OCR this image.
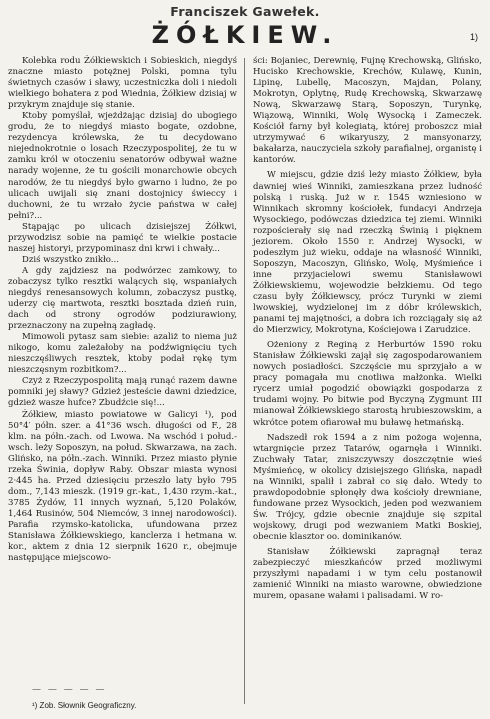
Franciszek Gawełek.
ŻÓŁKIEW.	1)

Kolebka rodu Żółkiewskich i Sobieskich, niegdyś znaczne miasto potężnej Polski, pomna tylu świetnych czasów i sławy, uczestniczka doli i niedoli wielkiego bohatera z pod Wiednia, Żółkiew dzisiaj w przykrym znajduje się stanie.

Ktoby pomyślał, wjeżdżając dzisiaj do ubogiego grodu, że to niegdyś miasto bogate, ozdobne, rezydencya królewska, że tu decydowano niejednokrotnie o losach Rzeczypospolitej, że tu w zamku król w otoczeniu senatorów odbywał ważne narady wojenne, że tu gościli monarchowie obcych narodów, że tu niegdyś było gwarno i ludno, że po ulicach uwijali się znani dostojnicy świeccy i duchowni, że tu wrzało życie państwa w całej pełni?...

Stąpając po ulicach dzisiejszej Żółkwi, przywodzisz sobie na pamięć te wielkie postacie naszej historyi, przypominasz dni krwi i chwały...

Dziś wszystko znikło...

A gdy zajdziesz na podwórzec zamkowy, to zobaczysz tylko resztki walących się, wspaniałych niegdyś renesansowych kolumn, zobaczysz pustkę, uderzy cię martwota, resztki bosztada dzień ruin, dach od strony ogrodów podziurawiony, przeznaczony na zupełną zagładę.

Mimowoli pytasz sam siebie: azaliż to niema już nikogo, komu zależałoby na podźwignięciu tych nieszczęśliwych resztek, ktoby podał rękę tym nieszczęsnym rozbitkom?...

Czyż z Rzeczypospolitą mają runąć razem dawne pomniki jej sławy? Gdzież jesteście dawni dziedzice, gdzież wasze hufce? Zbudźcie się!...

Żółkiew, miasto powiatowe w Galicyi ¹), pod 50°4′ półn. szer. a 41°36 wsch. długości od F., 28 klm. na półn.-zach. od Lwowa. Na wschód i połud.-wsch. leży Soposzyn, na połud. Skwarzawa, na zach. Glińsko, na półn.-zach. Winniki. Przez miasto płynie rzeka Świnia, dopływ Raby. Obszar miasta wynosi 2·445 ha. Przed dziesięciu przeszło laty było 795 dom., 7,143 mieszk. (1919 gr.-kat., 1,430 rzym.-kat., 3785 Żydów, 11 innych wyznań, 5,120 Polaków, 1,464 Rusinów, 504 Niemców, 3 innej narodowości). Parafia rzymsko-katolicka, ufundowana przez Stanisława Żółkiewskiego, kanclerza i hetmana w. kor., aktem z dnia 12 sierpnik 1620 r., obejmuje następujące miejscowo-

ści: Bojaniec, Derewnię, Fujnę Krechowską, Glińsko, Hucisko Krechowskie, Krechów, Kulawę, Kunin, Lipinę, Lubellę, Macoszyn, Majdan, Polany, Mokrotyn, Oplytnę, Rudę Krechowską, Skwarzawę Nową, Skwarzawę Starą, Soposzyn, Turynkę, Wiązową, Winniki, Wolę Wysocką i Zameczek. Kościół farny był kolegiatą, której proboszcz miał utrzymywać 6 wikaryuszy, 2 mansyonarzy, bakałarza, nauczyciela szkoły parafialnej, organistę i kantorów.

W miejscu, gdzie dziś leży miasto Żółkiew, była dawniej wieś Winniki, zamieszkana przez ludność polską i ruską. Już w r. 1545 wzniesiono w Winnikach skromny kościołek, fundacyi Andrzeja Wysockiego, podówczas dziedzica tej ziemi. Winniki rozpościerały się nad rzeczką Świnią i pięknem jeziorem. Około 1550 r. Andrzej Wysocki, w podeszłym już wieku, oddaje na własność Winniki, Soposzyn, Macoszyn, Glińsko, Wolę, Myśmieńce i inne przyjacielowi swemu Stanisławowi Żółkiewskiemu, wojewodzie bełzkiemu. Od tego czasu były Żółkiewscy, prócz Turynki w ziemi lwowskiej, wydzielonej im z dóbr królewskich, panami tej majętności, a dobra ich rozciągały się aż do Mierzwicy, Mokrotyna, Kościejowa i Zarudzice.

Ożeniony z Reginą z Herburtów 1590 roku Stanisław Żółkiewski zajął się zagospodarowaniem nowych posiadłości. Szczęście mu sprzyjało a w pracy pomagała mu cnotliwa małżonka. Wielki rycerz umiał pogodzić obowiązki gospodarza z trudami wojny. Po bitwie pod Byczyną Zygmunt III mianował Żółkiewskiego starostą hrubieszowskim, a wkrótce potem ofiarował mu buławę hetmańską.

Nadszedł rok 1594 a z nim pożoga wojenna, wtargnięcie przez Tatarów, ogarnęła i Winniki. Zuchwały Tatar, zniszczywszy doszczętnie wieś Myśmieńcę, w okolicy dzisiejszego Glińska, napadł na Winniki, spalił i zabrał co się dało. Wtedy to prawdopodobnie spłonęły dwa kościoły drewniane, fundowane przez Wysockich, jeden pod wezwaniem Św. Trójcy, gdzie obecnie znajduje się szpital wojskowy, drugi pod wezwaniem Matki Boskiej, obecnie klasztor oo. dominikanów.

Stanisław Żółkiewski zapragnął teraz zabezpieczyć mieszkańców przed możliwymi przyszłymi napadami i w tym celu postanowił zamienić Winniki na miasto warowne, obwiedzione murem, opasane wałami i palisadami. W ro-

— — — — —
¹) Zob. Słownik Geograficzny.
